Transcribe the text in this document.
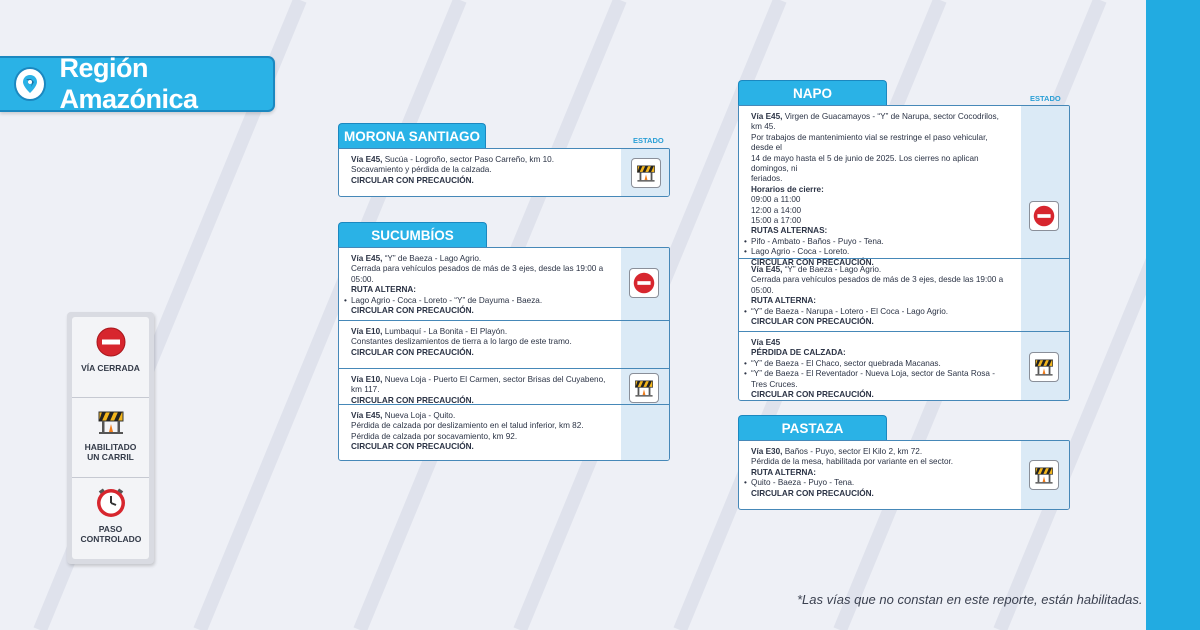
Región Amazónica
VÍA CERRADA
HABILITADO UN CARRIL
PASO CONTROLADO
MORONA SANTIAGO	ESTADO
Vía E45, Sucúa - Logroño, sector Paso Carreño, km 10.
Socavamiento y pérdida de la calzada.
CIRCULAR CON PRECAUCIÓN.
SUCUMBÍOS
Vía E45, “Y” de Baeza - Lago Agrio.
Cerrada para vehículos pesados de más de 3 ejes, desde las 19:00 a 05:00.
RUTA ALTERNA:
• Lago Agrio - Coca - Loreto - “Y” de Dayuma - Baeza.
CIRCULAR CON PRECAUCIÓN.
Vía E10, Lumbaquí - La Bonita - El Playón.
Constantes deslizamientos de tierra a lo largo de este tramo.
CIRCULAR CON PRECAUCIÓN.
Vía E10, Nueva Loja - Puerto El Carmen, sector Brisas del Cuyabeno, km 117.
CIRCULAR CON PRECAUCIÓN.
Vía E45, Nueva Loja - Quito.
Pérdida de calzada por deslizamiento en el talud inferior, km 82.
Pérdida de calzada por socavamiento, km 92.
CIRCULAR CON PRECAUCIÓN.
NAPO	ESTADO
Vía E45, Virgen de Guacamayos - “Y” de Narupa, sector Cocodrilos, km 45.
Por trabajos de mantenimiento vial se restringe el paso vehicular, desde el
14 de mayo hasta el 5 de junio de 2025. Los cierres no aplican domingos, ni
feriados.
Horarios de cierre:
09:00 a 11:00
12:00 a 14:00
15:00 a 17:00
RUTAS ALTERNAS:
• Pifo - Ambato - Baños - Puyo - Tena.
• Lago Agrio - Coca - Loreto.
CIRCULAR CON PRECAUCIÓN.
Vía E45, “Y” de Baeza - Lago Agrio.
Cerrada para vehículos pesados de más de 3 ejes, desde las 19:00 a 05:00.
RUTA ALTERNA:
• “Y” de Baeza - Narupa - Lotero - El Coca - Lago Agrio.
CIRCULAR CON PRECAUCIÓN.
Vía E45
PÉRDIDA DE CALZADA:
• “Y” de Baeza - El Chaco, sector quebrada Macanas.
• “Y” de Baeza - El Reventador - Nueva Loja, sector de Santa Rosa - Tres Cruces.
CIRCULAR CON PRECAUCIÓN.
PASTAZA
Vía E30, Baños - Puyo, sector El Kilo 2, km 72.
Pérdida de la mesa, habilitada por variante en el sector.
RUTA ALTERNA:
• Quito - Baeza - Puyo - Tena.
CIRCULAR CON PRECAUCIÓN.
*Las vías que no constan en este reporte, están habilitadas.
